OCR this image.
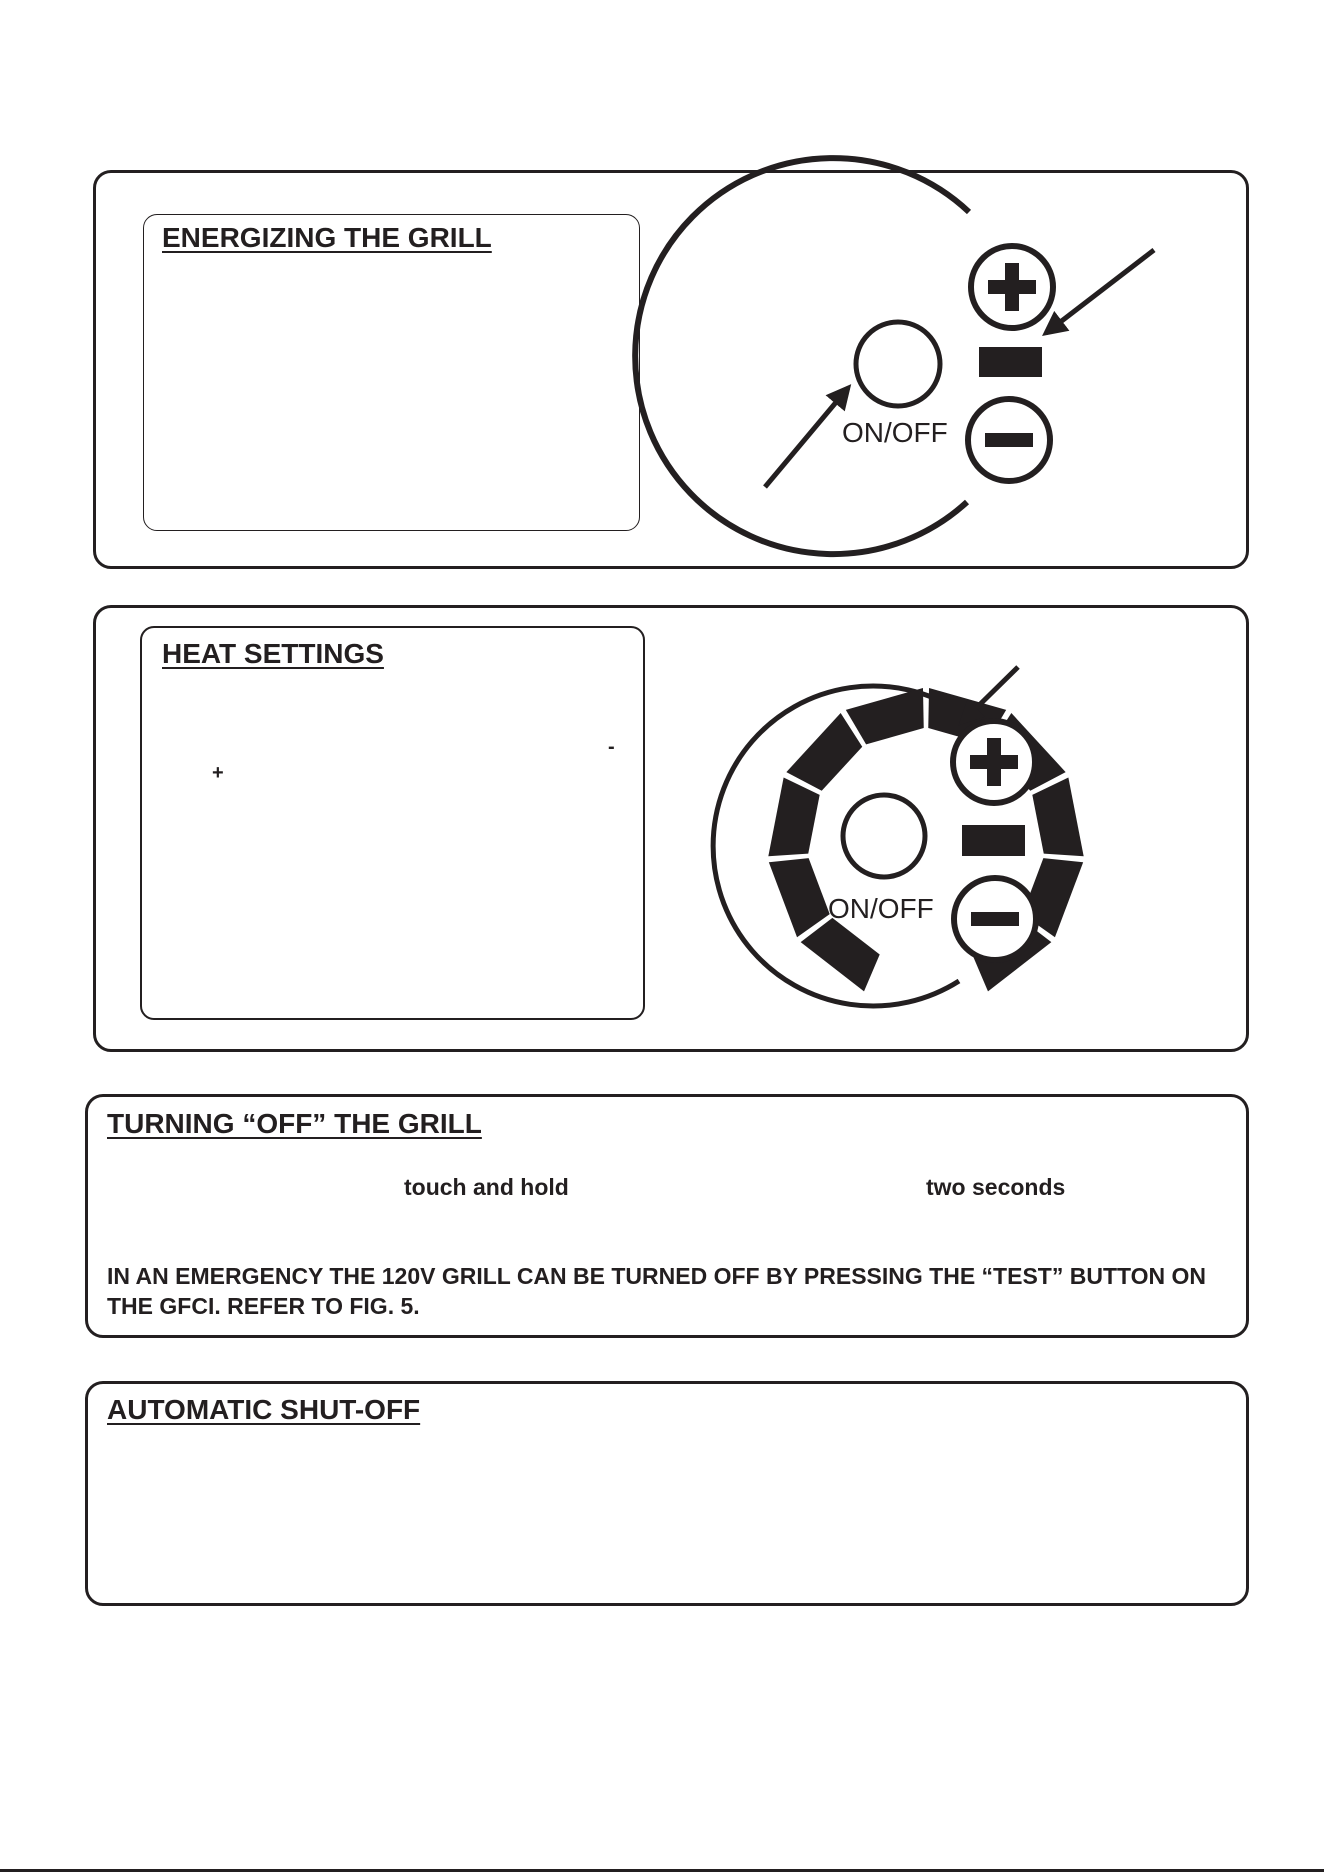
ENERGIZING THE GRILL
ON/OFF
HEAT SETTINGS
-
+
ON/OFF
TURNING “OFF” THE GRILL
touch and hold	two seconds
IN AN EMERGENCY THE 120V GRILL CAN BE TURNED OFF BY PRESSING THE “TEST” BUTTON ON THE GFCI. REFER TO FIG. 5.
AUTOMATIC SHUT-OFF
